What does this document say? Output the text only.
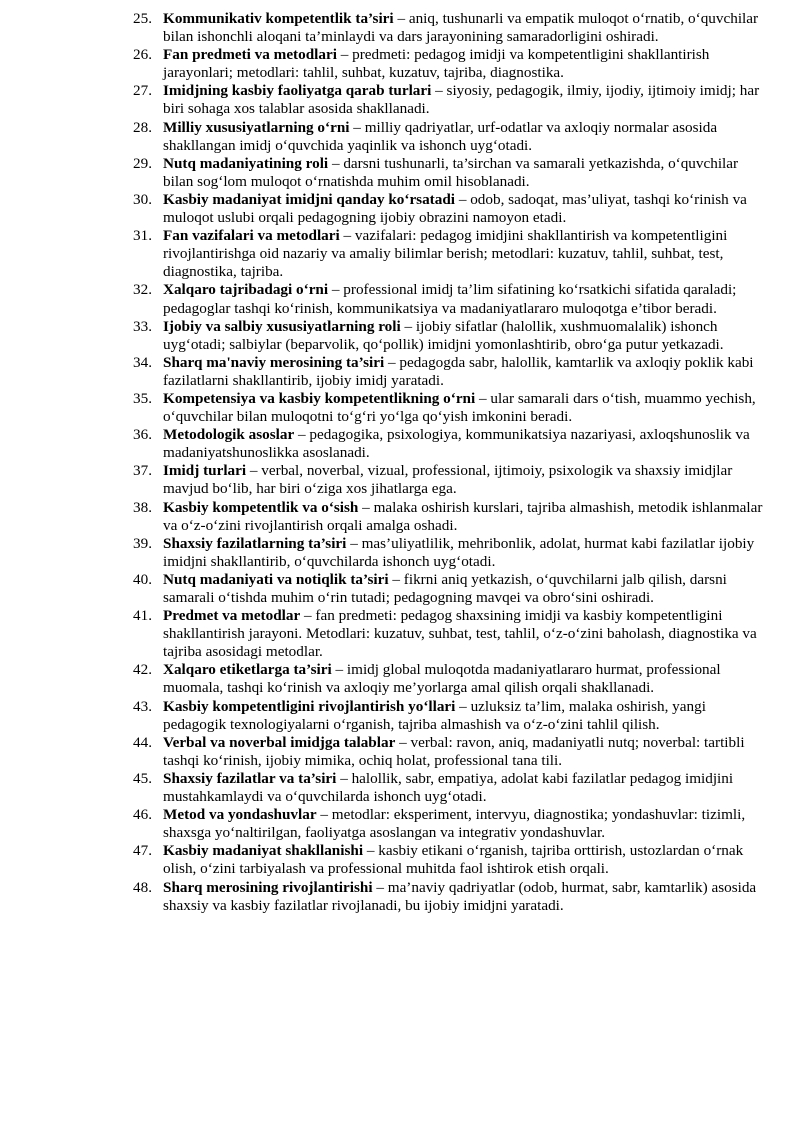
25. Kommunikativ kompetentlik ta’siri – aniq, tushunarli va empatik muloqot o‘rnatib, o‘quvchilar bilan ishonchli aloqani ta’minlaydi va dars jarayonining samaradorligini oshiradi.
26. Fan predmeti va metodlari – predmeti: pedagog imidji va kompetentligini shakllantirish jarayonlari; metodlari: tahlil, suhbat, kuzatuv, tajriba, diagnostika.
27. Imidjning kasbiy faoliyatga qarab turlari – siyosiy, pedagogik, ilmiy, ijodiy, ijtimoiy imidj; har biri sohaga xos talablar asosida shakllanadi.
28. Milliy xususiyatlarning o‘rni – milliy qadriyatlar, urf-odatlar va axloqiy normalar asosida shakllangan imidj o‘quvchida yaqinlik va ishonch uyg‘otadi.
29. Nutq madaniyatining roli – darsni tushunarli, ta’sirchan va samarali yetkazishda, o‘quvchilar bilan sog‘lom muloqot o‘rnatishda muhim omil hisoblanadi.
30. Kasbiy madaniyat imidjni qanday ko‘rsatadi – odob, sadoqat, mas’uliyat, tashqi ko‘rinish va muloqot uslubi orqali pedagogning ijobiy obrazini namoyon etadi.
31. Fan vazifalari va metodlari – vazifalari: pedagog imidjini shakllantirish va kompetentligini rivojlantirishga oid nazariy va amaliy bilimlar berish; metodlari: kuzatuv, tahlil, suhbat, test, diagnostika, tajriba.
32. Xalqaro tajribadagi o‘rni – professional imidj ta’lim sifatining ko‘rsatkichi sifatida qaraladi; pedagoglar tashqi ko‘rinish, kommunikatsiya va madaniyatlararo muloqotga e’tibor beradi.
33. Ijobiy va salbiy xususiyatlarning roli – ijobiy sifatlar (halollik, xushmuomalalik) ishonch uyg‘otadi; salbiylar (beparvolik, qo‘pollik) imidjni yomonlashtirib, obro‘ga putur yetkazadi.
34. Sharq ma'naviy merosining ta’siri – pedagogda sabr, halollik, kamtarlik va axloqiy poklik kabi fazilatlarni shakllantirib, ijobiy imidj yaratadi.
35. Kompetensiya va kasbiy kompetentlikning o‘rni – ular samarali dars o‘tish, muammo yechish, o‘quvchilar bilan muloqotni to‘g‘ri yo‘lga qo‘yish imkonini beradi.
36. Metodologik asoslar – pedagogika, psixologiya, kommunikatsiya nazariyasi, axloqshunoslik va madaniyatshunoslikka asoslanadi.
37. Imidj turlari – verbal, noverbal, vizual, professional, ijtimoiy, psixologik va shaxsiy imidjlar mavjud bo‘lib, har biri o‘ziga xos jihatlarga ega.
38. Kasbiy kompetentlik va o‘sish – malaka oshirish kurslari, tajriba almashish, metodik ishlanmalar va o‘z-o‘zini rivojlantirish orqali amalga oshadi.
39. Shaxsiy fazilatlarning ta’siri – mas’uliyatlilik, mehribonlik, adolat, hurmat kabi fazilatlar ijobiy imidjni shakllantirib, o‘quvchilarda ishonch uyg‘otadi.
40. Nutq madaniyati va notiqlik ta’siri – fikrni aniq yetkazish, o‘quvchilarni jalb qilish, darsni samarali o‘tishda muhim o‘rin tutadi; pedagogning mavqei va obro‘sini oshiradi.
41. Predmet va metodlar – fan predmeti: pedagog shaxsining imidji va kasbiy kompetentligini shakllantirish jarayoni. Metodlari: kuzatuv, suhbat, test, tahlil, o‘z-o‘zini baholash, diagnostika va tajriba asosidagi metodlar.
42. Xalqaro etiketlarga ta’siri – imidj global muloqotda madaniyatlararo hurmat, professional muomala, tashqi ko‘rinish va axloqiy me’yorlarga amal qilish orqali shakllanadi.
43. Kasbiy kompetentligini rivojlantirish yo‘llari – uzluksiz ta’lim, malaka oshirish, yangi pedagogik texnologiyalarni o‘rganish, tajriba almashish va o‘z-o‘zini tahlil qilish.
44. Verbal va noverbal imidjga talablar – verbal: ravon, aniq, madaniyatli nutq; noverbal: tartibli tashqi ko‘rinish, ijobiy mimika, ochiq holat, professional tana tili.
45. Shaxsiy fazilatlar va ta’siri – halollik, sabr, empatiya, adolat kabi fazilatlar pedagog imidjini mustahkamlaydi va o‘quvchilarda ishonch uyg‘otadi.
46. Metod va yondashuvlar – metodlar: eksperiment, intervyu, diagnostika; yondashuvlar: tizimli, shaxsga yo‘naltirilgan, faoliyatga asoslangan va integrativ yondashuvlar.
47. Kasbiy madaniyat shakllanishi – kasbiy etikani o‘rganish, tajriba orttirish, ustozlardan o‘rnak olish, o‘zini tarbiyalash va professional muhitda faol ishtirok etish orqali.
48. Sharq merosining rivojlantirishi – ma’naviy qadriyatlar (odob, hurmat, sabr, kamtarlik) asosida shaxsiy va kasbiy fazilatlar rivojlanadi, bu ijobiy imidjni yaratadi.
